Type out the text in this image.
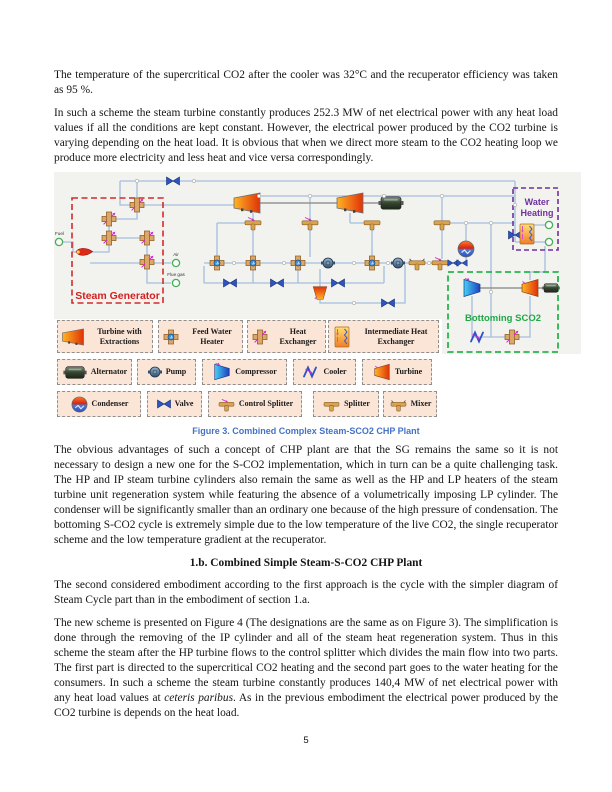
The temperature of the supercritical CO2 after the cooler was 32°C and the recuperator efficiency was taken as 95 %.

In such a scheme the steam turbine constantly produces 252.3 MW of net electrical power with any heat load values if all the conditions are kept constant. However, the electrical power produced by the CO2 turbine is varying depending on the heat load. It is obvious that when we direct more steam to the CO2 heating loop we produce more electricity and less heat and vice versa correspondingly.

Steam Generator
Water
Heating
Bottoming SCO2
Fuel
Air
Flue gas
Turbine with Extractions
Feed Water Heater
Heat Exchanger
Intermediate Heat Exchanger
Alternator	Pump	Compressor	Cooler	Turbine
Condenser	Valve	Control Splitter	Splitter	Mixer
Figure 3. Combined Complex Steam-SCO2 CHP Plant

The obvious advantages of such a concept of CHP plant are that the SG remains the same so it is not necessary to design a new one for the S-CO2 implementation, which in turn can be a quite challenging task. The HP and IP steam turbine cylinders also remain the same as well as the HP and LP heaters of the steam turbine unit regeneration system while featuring the absence of a volumetrically imposing LP cylinder. The condenser will be significantly smaller than an ordinary one because of the high pressure of condensation. The bottoming S-CO2 cycle is extremely simple due to the low temperature of the live CO2, the single recuperator scheme and the low temperature gradient at the recuperator.

1.b. Combined Simple Steam-S-CO2 CHP Plant

The second considered embodiment according to the first approach is the cycle with the simpler diagram of Steam Cycle part than in the embodiment of section 1.a.

The new scheme is presented on Figure 4 (The designations are the same as on Figure 3). The simplification is done through the removing of the IP cylinder and all of the steam heat regeneration system. Thus in this scheme the steam after the HP turbine flows to the control splitter which divides the main flow into two parts. The first part is directed to the supercritical CO2 heating and the second part goes to the water heating for the consumers. In such a scheme the steam turbine constantly produces 140,4 MW of net electrical power with any heat load values at ceteris paribus. As in the previous embodiment the electrical power produced by the CO2 turbine is depends on the heat load.

5
